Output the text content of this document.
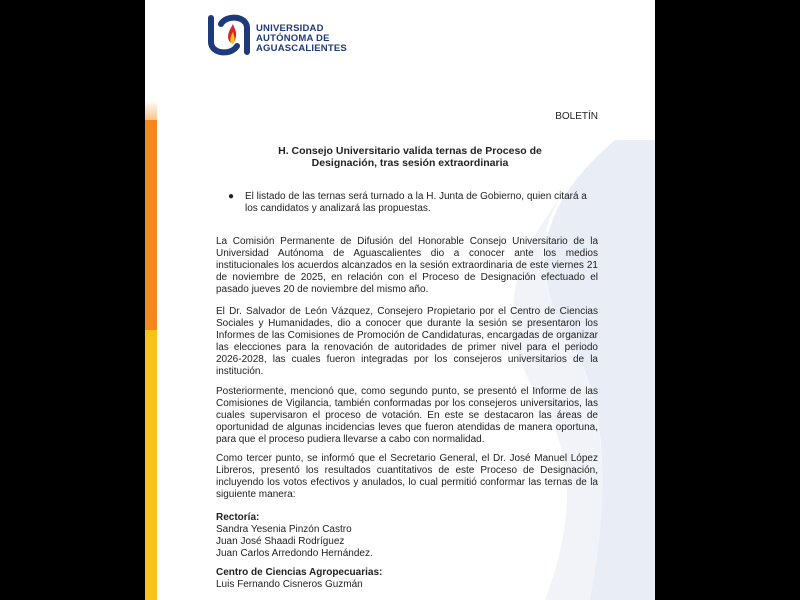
UNIVERSIDAD
AUTÓNOMA DE
AGUASCALIENTES
BOLETÍN
H. Consejo Universitario valida ternas de Proceso de Designación, tras sesión extraordinaria
● El listado de las ternas será turnado a la H. Junta de Gobierno, quien citará a los candidatos y analizará las propuestas.
La Comisión Permanente de Difusión del Honorable Consejo Universitario de la Universidad Autónoma de Aguascalientes dio a conocer ante los medios institucionales los acuerdos alcanzados en la sesión extraordinaria de este viernes 21 de noviembre de 2025, en relación con el Proceso de Designación efectuado el pasado jueves 20 de noviembre del mismo año.
El Dr. Salvador de León Vázquez, Consejero Propietario por el Centro de Ciencias Sociales y Humanidades, dio a conocer que durante la sesión se presentaron los Informes de las Comisiones de Promoción de Candidaturas, encargadas de organizar las elecciones para la renovación de autoridades de primer nivel para el periodo 2026-2028, las cuales fueron integradas por los consejeros universitarios de la institución.
Posteriormente, mencionó que, como segundo punto, se presentó el Informe de las Comisiones de Vigilancia, también conformadas por los consejeros universitarios, las cuales supervisaron el proceso de votación. En este se destacaron las áreas de oportunidad de algunas incidencias leves que fueron atendidas de manera oportuna, para que el proceso pudiera llevarse a cabo con normalidad.
Como tercer punto, se informó que el Secretario General, el Dr. José Manuel López Libreros, presentó los resultados cuantitativos de este Proceso de Designación, incluyendo los votos efectivos y anulados, lo cual permitió conformar las ternas de la siguiente manera:
Rectoría:
Sandra Yesenia Pinzón Castro
Juan José Shaadi Rodríguez
Juan Carlos Arredondo Hernández.
Centro de Ciencias Agropecuarias:
Luis Fernando Cisneros Guzmán
